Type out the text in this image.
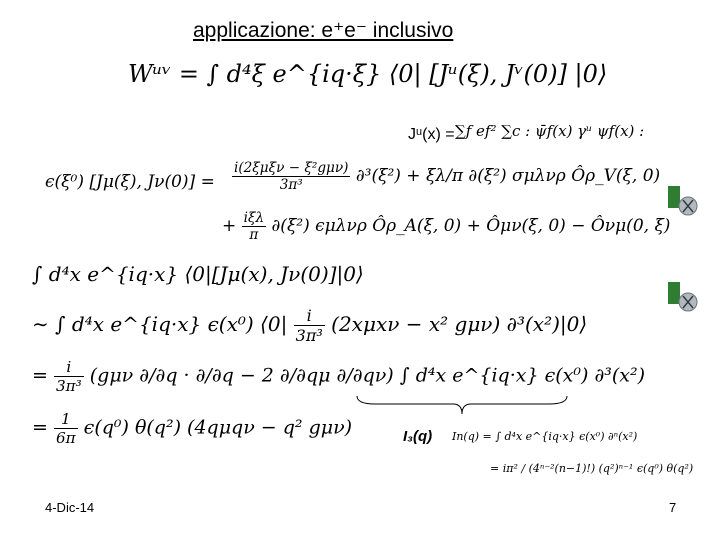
applicazione: e⁺e⁻ inclusivo
Wᵘᵛ = ∫ d⁴ξ e^{iq·ξ} ⟨0| [Jᵘ(ξ), Jᵛ(0)] |0⟩
Jᵘ(x) = ∑f ef² ∑c : ψ̄f(x) γᵘ ψf(x) :
ϵ(ξ⁰) [Jμ(ξ), $J\nu(0)] = \frac{\text{i(2ξμξν − ξ²gμν)}}{\text{3π³}} \partial^3(\xi^2) + \xi\lambda/\pi$ ∂(ξ²) σμλνρ Ôρ_V(ξ, 0)
+ $\frac{\text{iξλ}}{\pi} \partial(\xi^2)$ ϵμλνρ Ôρ_A(ξ, 0) + Ôμν(ξ, 0) − Ôνμ(0, ξ)
∫ d⁴x e^{iq·x} ⟨0|[Jμ(x), Jν(0)]|0⟩
∼ ∫ d⁴x e^{iq·x} ϵ(x⁰) ⟨0| $\frac{i}{\text{3π³}} (2x\mu x\nu - x^2$ gμν) ∂³(x²)|0⟩
= $\frac{i}{\text{3π³}} (g\mu\nu$ ∂/∂q · ∂/∂q − 2 ∂/∂qμ ∂/∂qν) ∫ d⁴x e^{iq·x} ϵ(x⁰) ∂³(x²)
= $\frac{1}{6\pi} \epsilon(q^0)$ θ(q²) (4qμqν − q² gμν)	I₃(q) In(q) = ∫ d⁴x e^{iq·x} ϵ(x⁰) ∂ⁿ(x²)
= iπ² / (4ⁿ⁻²(n−1)!) (q²)ⁿ⁻¹ ϵ(q⁰) θ(q²)
4-Dic-14	7
